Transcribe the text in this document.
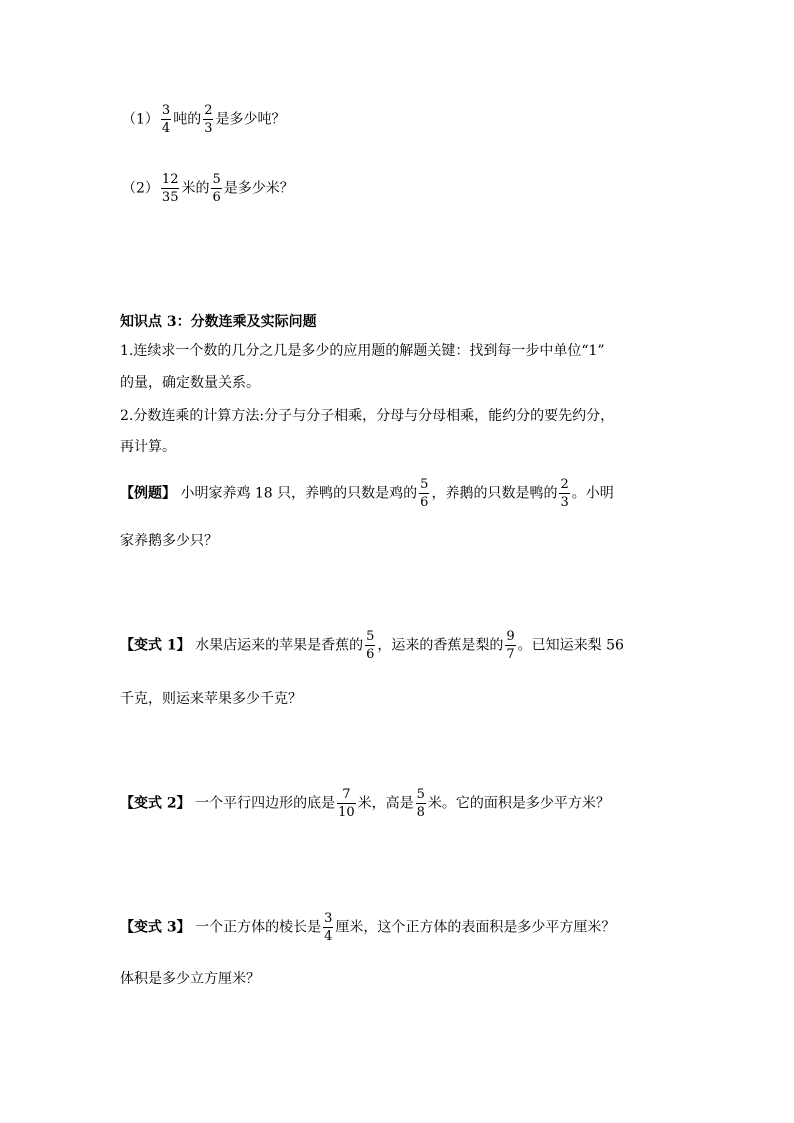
$(1) \frac{3}{4}$ 吨的 $\frac{2}{3}$ 是多少吨？
$(2) \frac{12}{35}$ 米的 $\frac{5}{6}$ 是多少米？
知识点 3：分数连乘及实际问题
1.连续求一个数的几分之几是多少的应用题的解题关键：找到每一步中单位“1”
的量，确定数量关系。
2.分数连乘的计算方法:分子与分子相乘，分母与分母相乘，能约分的要先约分，
再计算。
【例题】 小明家养鸡 18 只，养鸭的只数是鸡的 $\frac{5}{6}$ ，养鹅的只数是鸭的 $\frac{2}{3}$ 。小明
家养鹅多少只？
【变式 1】 水果店运来的苹果是香蕉的 $\frac{5}{6}$ ，运来的香蕉是梨的 $\frac{9}{7}$ 。已知运来梨 56
千克，则运来苹果多少千克？
【变式 2】 一个平行四边形的底是 $\frac{7}{10}$ 米，高是 $\frac{5}{8}$ 米。它的面积是多少平方米？
【变式 3】 一个正方体的棱长是 $\frac{3}{4}$ 厘米，这个正方体的表面积是多少平方厘米？
体积是多少立方厘米？
